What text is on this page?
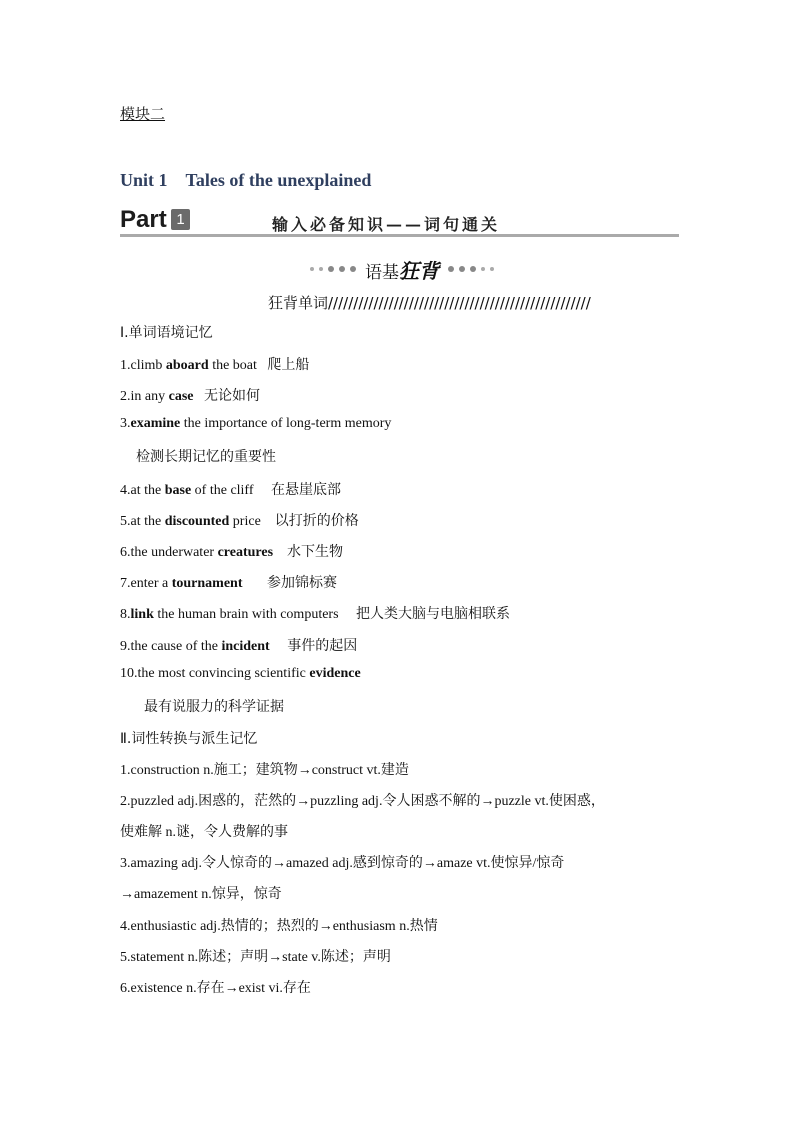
模块二
Unit 1 Tales of the unexplained
Part 1	输入必备知识——词句通关
语基狂背
狂背单词////////////////////////////////////////////////////
Ⅰ.单词语境记忆
1.climb aboard the boat 爬上船
2.in any case 无论如何
3.examine the importance of long-term memory
检测长期记忆的重要性
4.at the base of the cliff 在悬崖底部
5.at the discounted price 以打折的价格
6.the underwater creatures 水下生物
7.enter a tournament 参加锦标赛
8.link the human brain with computers 把人类大脑与电脑相联系
9.the cause of the incident 事件的起因
10.the most convincing scientific evidence
最有说服力的科学证据
Ⅱ.词性转换与派生记忆
1.construction n.施工；建筑物→construct vt.建造
2.puzzled adj.困惑的，茫然的→puzzling adj.令人困惑不解的→puzzle vt.使困惑，
使难解 n.谜，令人费解的事
3.amazing adj.令人惊奇的→amazed adj.感到惊奇的→amaze vt.使惊异/惊奇
→amazement n.惊异，惊奇
4.enthusiastic adj.热情的；热烈的→enthusiasm n.热情
5.statement n.陈述；声明→state v.陈述；声明
6.existence n.存在→exist vi.存在
